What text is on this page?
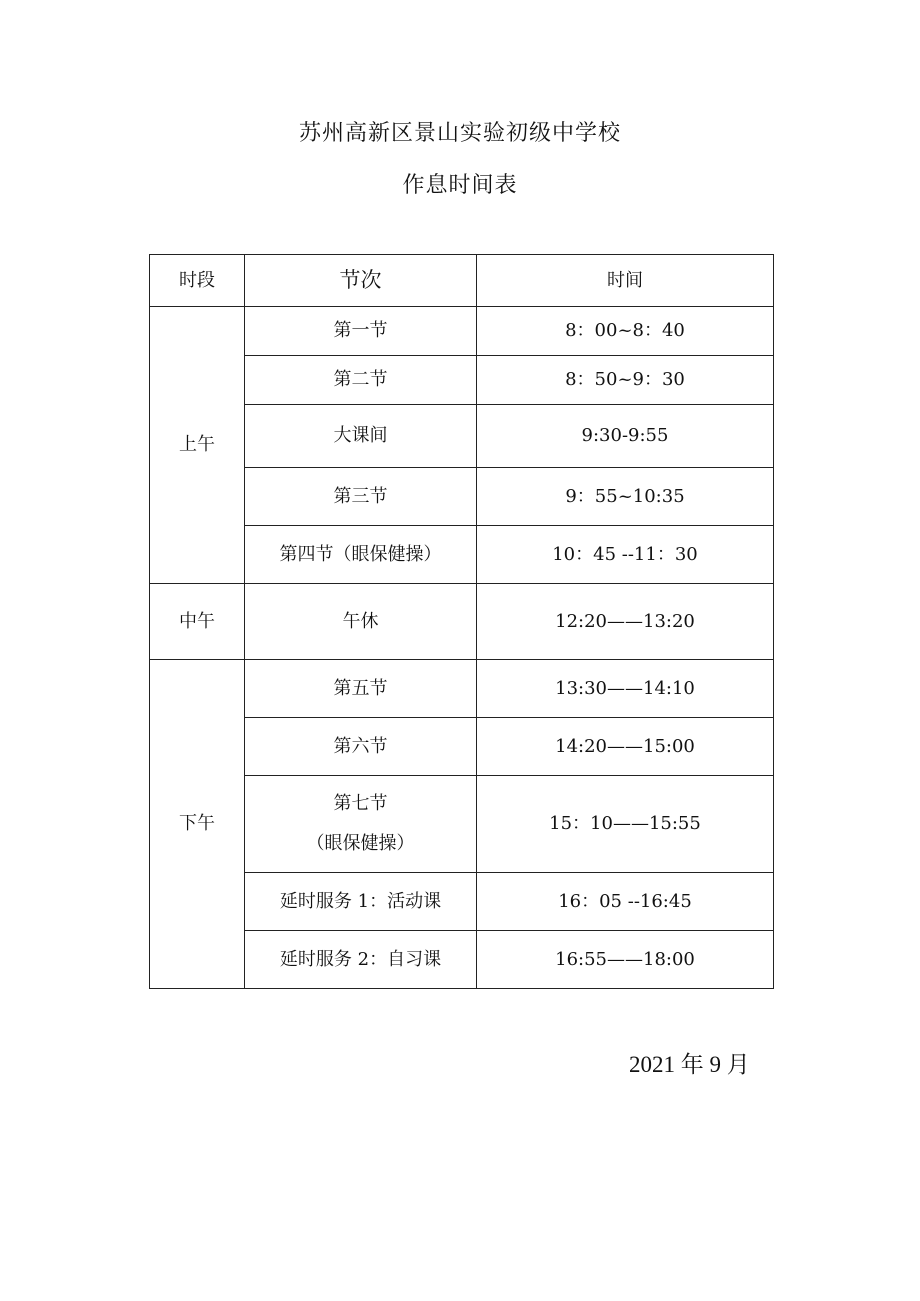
苏州高新区景山实验初级中学校
作息时间表
时段	节次	时间
上午	第一节	8：00~8：40
	第二节	8：50~9：30
	大课间	9:30-9:55
	第三节	9：55~10:35
	第四节（眼保健操）	10：45 --11：30
中午	午休	12:20——13:20
下午	第五节	13:30——14:10
	第六节	14:20——15:00

	第七节
（眼保健操）	15：10——15:55
	延时服务 1：活动课	16：05 --16:45
	延时服务 2：自习课	16:55——18:00
2021 年 9 月
